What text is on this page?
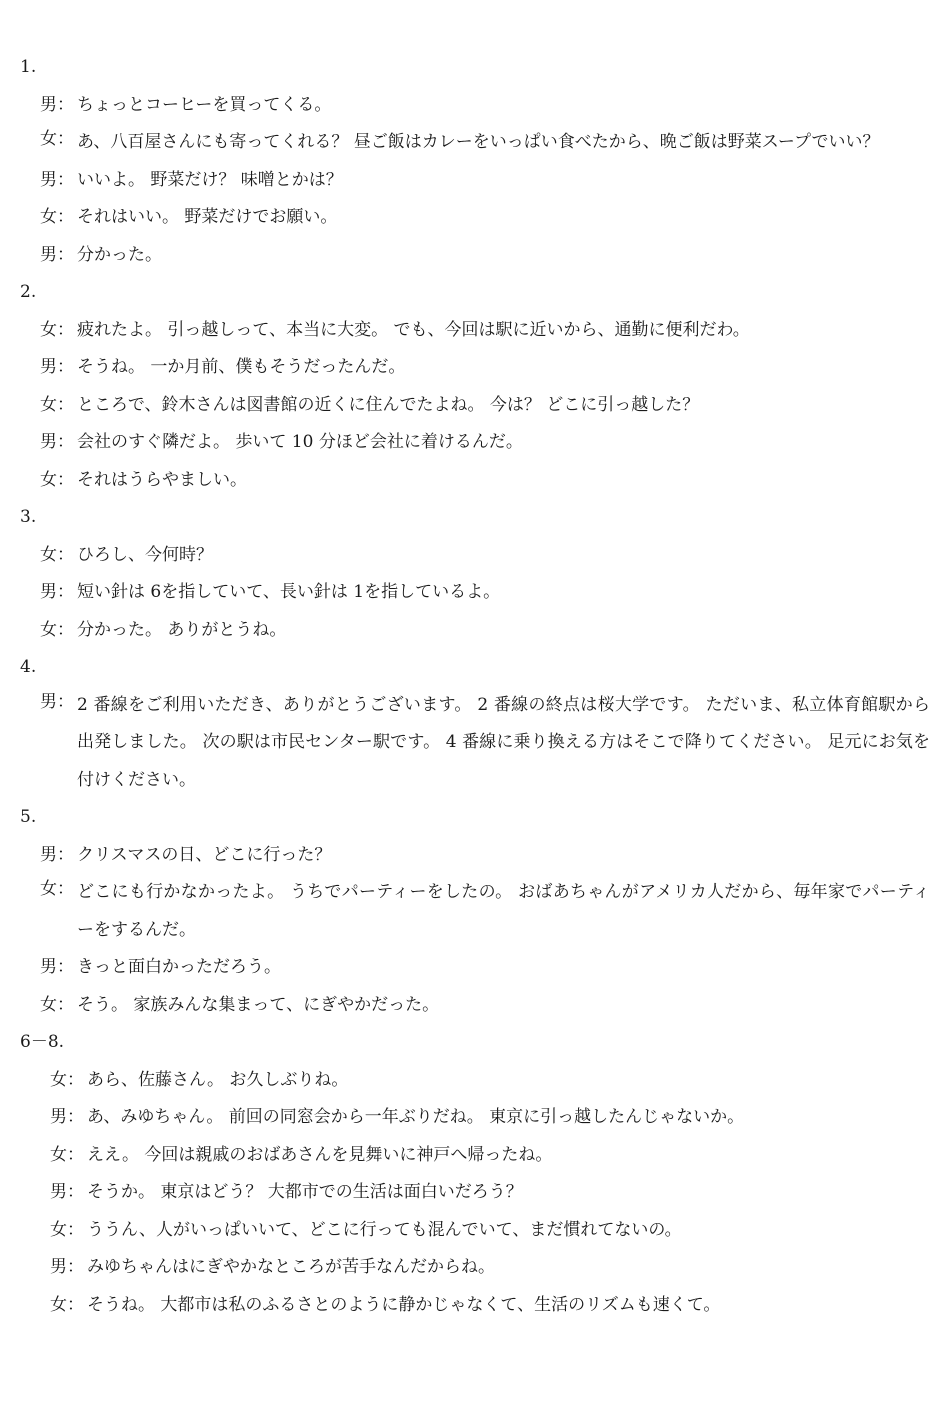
1.
男： ちょっとコーヒーを買ってくる。
女： あ、八百屋さんにも寄ってくれる？ 昼ご飯はカレーをいっぱい食べたから、晩ご飯は野菜スープでいい？
男： いいよ。 野菜だけ？ 味噌とかは？
女： それはいい。 野菜だけでお願い。
男： 分かった。
2.
女： 疲れたよ。 引っ越しって、本当に大変。 でも、今回は駅に近いから、通勤に便利だわ。
男： そうね。 一か月前、僕もそうだったんだ。
女： ところで、鈴木さんは図書館の近くに住んでたよね。 今は？ どこに引っ越した？
男： 会社のすぐ隣だよ。 歩いて 10 分ほど会社に着けるんだ。
女： それはうらやましい。
3.
女： ひろし、今何時？
男： 短い針は 6を指していて、長い針は 1を指しているよ。
女： 分かった。 ありがとうね。
4.
男： 2 番線をご利用いただき、ありがとうございます。 2 番線の終点は桜大学です。 ただいま、私立体育館駅から出発しました。 次の駅は市民センター駅です。 4 番線に乗り換える方はそこで降りてください。 足元にお気を付けください。
5.
男： クリスマスの日、どこに行った？
女： どこにも行かなかったよ。 うちでパーティーをしたの。 おばあちゃんがアメリカ人だから、毎年家でパーティーをするんだ。
男： きっと面白かっただろう。
女： そう。 家族みんな集まって、にぎやかだった。
6－8.
女： あら、佐藤さん。 お久しぶりね。
男： あ、みゆちゃん。 前回の同窓会から一年ぶりだね。 東京に引っ越したんじゃないか。
女： ええ。 今回は親戚のおばあさんを見舞いに神戸へ帰ったね。
男： そうか。 東京はどう？ 大都市での生活は面白いだろう？
女： ううん、人がいっぱいいて、どこに行っても混んでいて、まだ慣れてないの。
男： みゆちゃんはにぎやかなところが苦手なんだからね。
女： そうね。 大都市は私のふるさとのように静かじゃなくて、生活のリズムも速くて。
